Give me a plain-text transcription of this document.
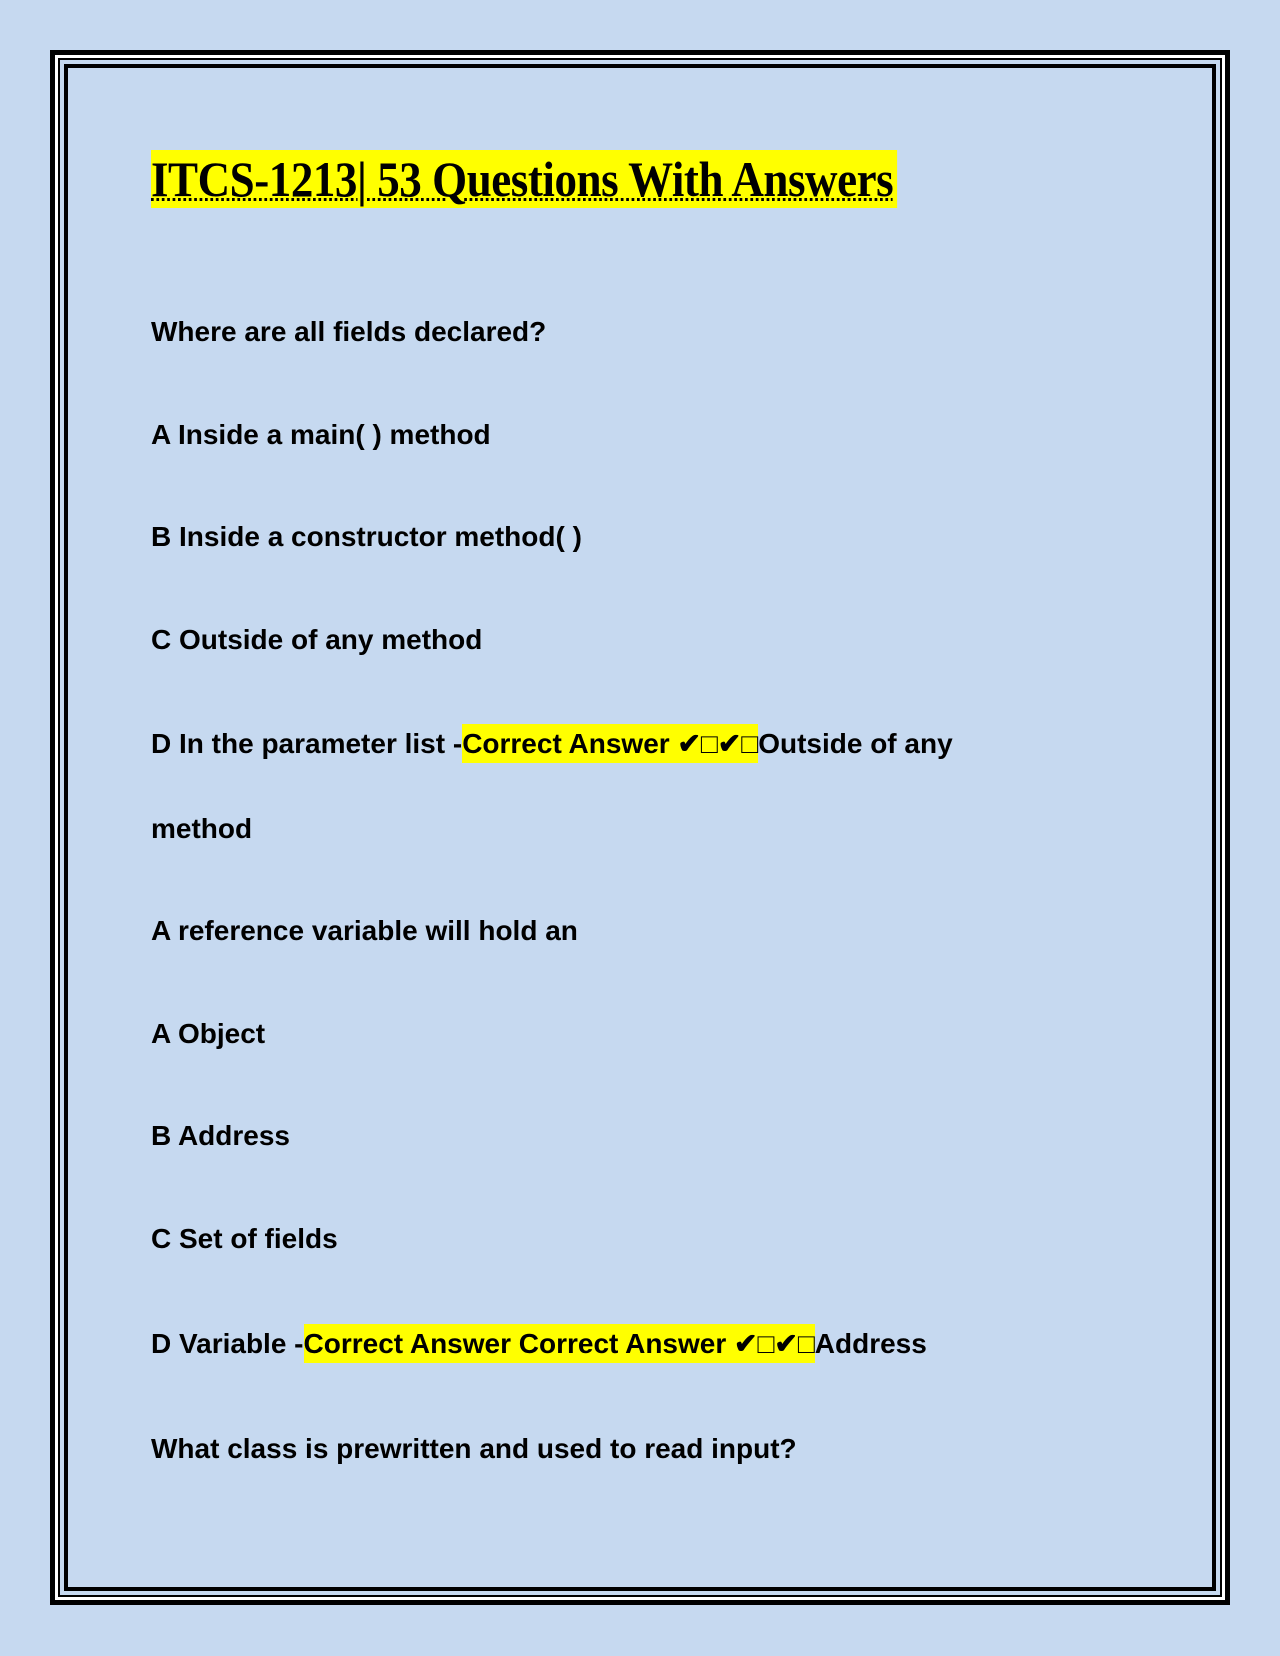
ITCS-1213| 53 Questions With Answers
Where are all fields declared?
A Inside a main( ) method
B Inside a constructor method( )
C Outside of any method
D In the parameter list -Correct Answer ✔□✔□Outside of any
method
A reference variable will hold an
A Object
B Address
C Set of fields
D Variable -Correct Answer Correct Answer ✔□✔□Address
What class is prewritten and used to read input?
